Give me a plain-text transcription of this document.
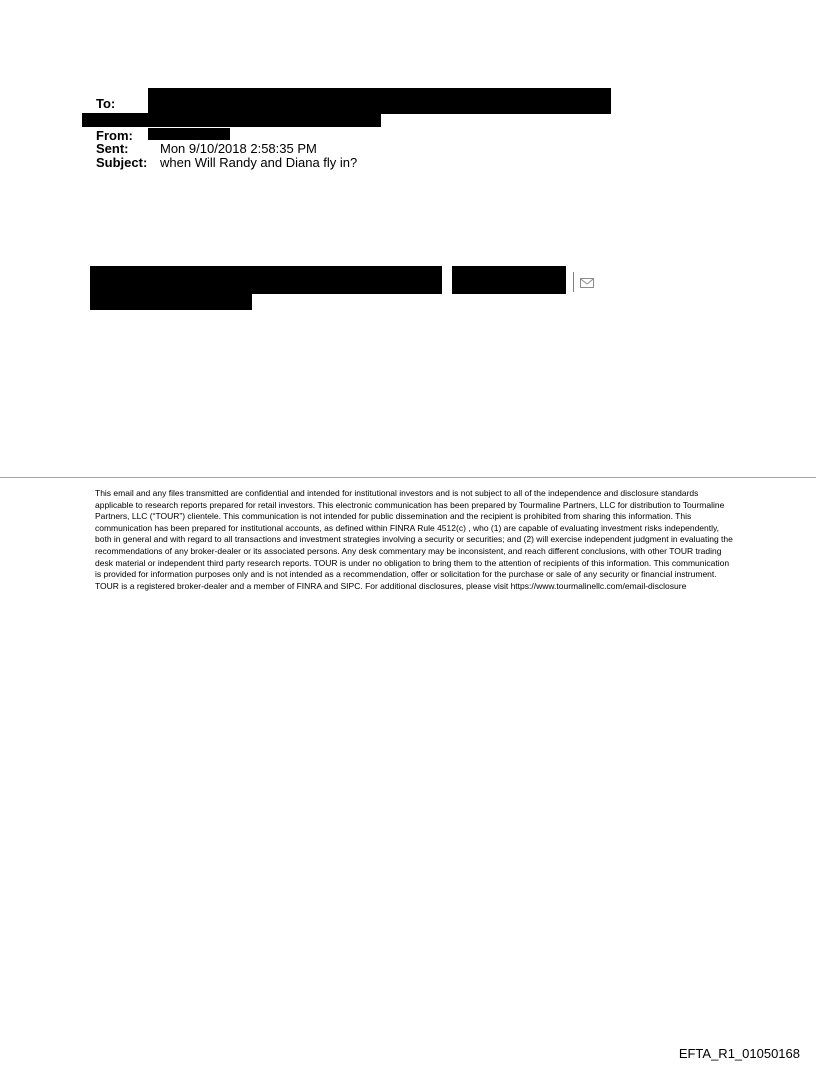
To:
From:
Sent: Mon 9/10/2018 2:58:35 PM
Subject: when Will Randy and Diana fly in?

This email and any files transmitted are confidential and intended for institutional investors and is not subject to all of the independence and disclosure standards applicable to research reports prepared for retail investors. This electronic communication has been prepared by Tourmaline Partners, LLC for distribution to Tourmaline Partners, LLC (“TOUR”) clientele. This communication is not intended for public dissemination and the recipient is prohibited from sharing this information. This communication has been prepared for institutional accounts, as defined within FINRA Rule 4512(c) , who (1) are capable of evaluating investment risks independently, both in general and with regard to all transactions and investment strategies involving a security or securities; and (2) will exercise independent judgment in evaluating the recommendations of any broker-dealer or its associated persons. Any desk commentary may be inconsistent, and reach different conclusions, with other TOUR trading desk material or independent third party research reports. TOUR is under no obligation to bring them to the attention of recipients of this information. This communication is provided for information purposes only and is not intended as a recommendation, offer or solicitation for the purchase or sale of any security or financial instrument. TOUR is a registered broker-dealer and a member of FINRA and SIPC. For additional disclosures, please visit https://www.tourmalinellc.com/email-disclosure

EFTA_R1_01050168
